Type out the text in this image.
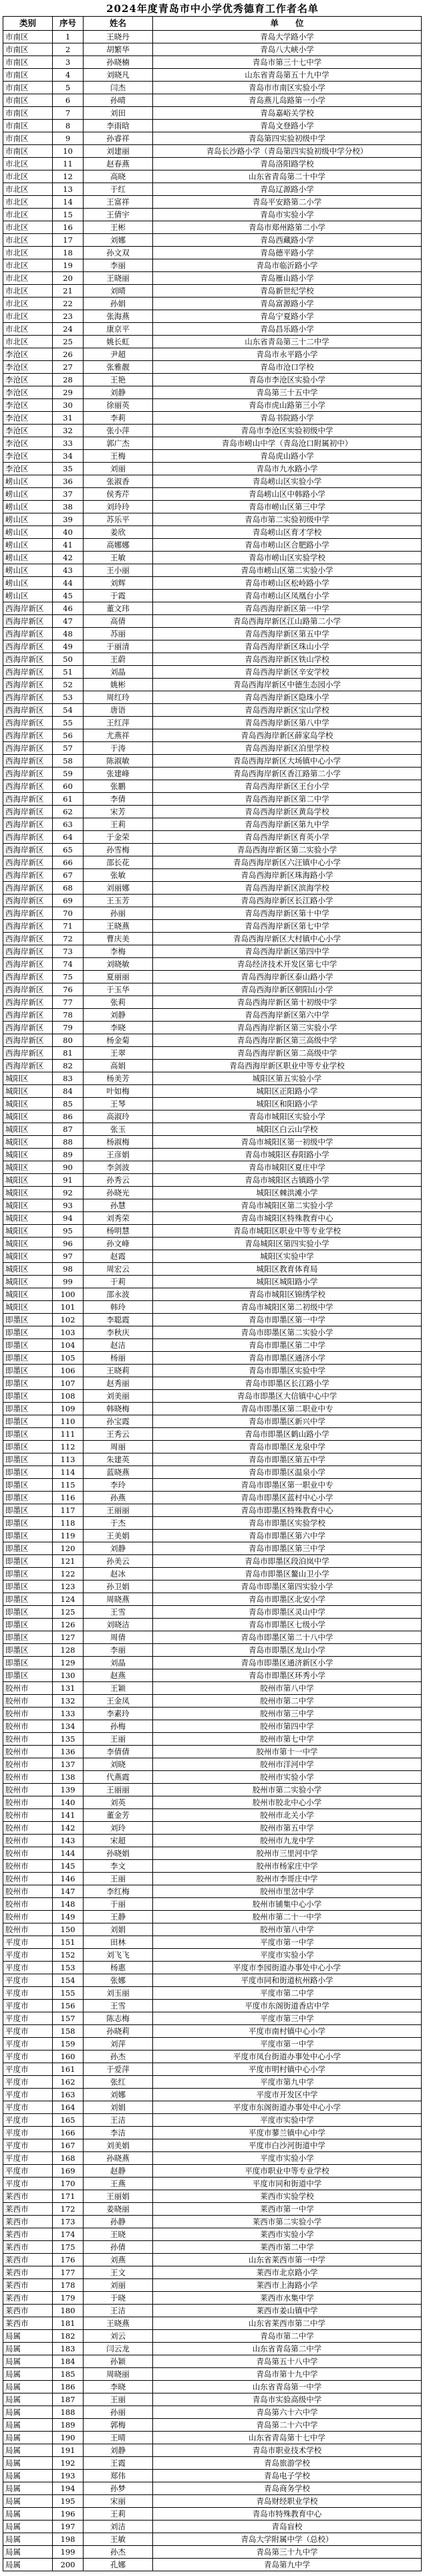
2024年度青岛市中小学优秀德育工作者名单
类别	序号	姓名	单　　位
市南区	1	王晓丹	青岛大学路小学
市南区	2	胡繁华	青岛八大峡小学
市南区	3	孙晓楠	青岛市第三十七中学
市南区	4	刘晓凡	山东省青岛第五十九中学
市南区	5	闫杰	青岛市市南区实验小学
市南区	6	孙晴	青岛燕儿岛路第一小学
市南区	7	刘田	青岛嘉峪关学校
市南区	8	李雨晗	青岛文登路小学
市南区	9	孙睿祥	青岛第四实验初级中学
市南区	10	刘建丽	青岛长沙路小学（青岛第四实验初级中学分校）
市北区	11	赵春燕	青岛洛阳路学校
市北区	12	高晓	山东省青岛第二十中学
市北区	13	于红	青岛辽源路小学
市北区	14	王富祥	青岛平安路第二小学
市北区	15	王倩宇	青岛市实验小学
市北区	16	王彬	青岛市郑州路第二小学
市北区	17	刘娜	青岛西藏路小学
市北区	18	孙文双	青岛德平路小学
市北区	19	李丽	青岛市临沂路小学
市北区	20	王晓丽	青岛雁山路小学
市北区	21	刘晴	青岛新世纪学校
市北区	22	孙娟	青岛富源路小学
市北区	23	张海燕	青岛宁夏路小学
市北区	24	康京平	青岛昌乐路小学
市北区	25	姚长虹	山东省青岛第三十二中学
李沧区	26	尹超	青岛市永平路小学
李沧区	27	张雅靓	青岛市沧口学校
李沧区	28	王艳	青岛市李沧区实验小学
李沧区	29	刘静	青岛第三十五中学
李沧区	30	徐丽英	青岛市虎山路第三小学
李沧区	31	李莉	青岛书院路小学
李沧区	32	张小萍	青岛市李沧区实验初级中学
李沧区	33	郭广杰	青岛市崂山中学（青岛沧口附属初中）
李沧区	34	王梅	青岛虎山路小学
李沧区	35	刘丽	青岛市九水路小学
崂山区	36	张淑香	青岛崂山区实验小学
崂山区	37	侯秀芹	青岛崂山区中韩路小学
崂山区	38	刘玲玲	青岛市崂山区第三中学
崂山区	39	苏乐平	青岛市第二实验初级中学
崂山区	40	姜欣	青岛崂山区育才学校
崂山区	41	高娜娜	青岛市崂山区合肥路小学
崂山区	42	王敏	青岛市崂山区实验学校
崂山区	43	王小丽	青岛市崂山区第二实验小学
崂山区	44	刘辉	青岛市崂山区松岭路小学
崂山区	45	于霞	青岛市崂山区凤凰台小学
西海岸新区	46	董文玮	青岛西海岸新区第一中学
西海岸新区	47	高倩	青岛西海岸新区江山路第二小学
西海岸新区	48	苏丽	青岛西海岸新区第五中学
西海岸新区	49	于丽清	青岛西海岸新区珠山小学
西海岸新区	50	王蔚	青岛西海岸新区铁山学校
西海岸新区	51	刘晶	青岛西海岸新区辛安学校
西海岸新区	52	姚彬	青岛西海岸新区中德生态园小学
西海岸新区	53	周红玲	青岛西海岸新区隐珠小学
西海岸新区	54	唐语	青岛西海岸新区宝山学校
西海岸新区	55	王红萍	青岛西海岸新区第八中学
西海岸新区	56	尤燕祥	青岛西海岸新区薛家岛学校
西海岸新区	57	于涛	青岛西海岸新区泊里学校
西海岸新区	58	陈淑敏	青岛西海岸新区大场镇中心小学
西海岸新区	59	张建峰	青岛西海岸新区香江路第二小学
西海岸新区	60	张鹏	青岛西海岸新区王台小学
西海岸新区	61	李倩	青岛西海岸新区第二中学
西海岸新区	62	宋芳	青岛西海岸新区黄岛学校
西海岸新区	63	王莉	青岛西海岸新区第九中学
西海岸新区	64	于金荣	青岛西海岸新区育英小学
西海岸新区	65	孙雪梅	青岛西海岸新区第二实验小学
西海岸新区	66	邵长花	青岛西海岸新区六汪镇中心小学
西海岸新区	67	张敏	青岛西海岸新区珠海路小学
西海岸新区	68	刘丽娜	青岛西海岸新区滨海学校
西海岸新区	69	王玉芳	青岛西海岸新区长江路小学
西海岸新区	70	孙丽	青岛西海岸新区第十中学
西海岸新区	71	王晓燕	青岛西海岸新区第七中学
西海岸新区	72	曹庆美	青岛西海岸新区大村镇中心小学
西海岸新区	73	李梅	青岛西海岸新区第四中学
西海岸新区	74	刘晓敏	青岛经济技术开发区第七中学
西海岸新区	75	夏丽丽	青岛西海岸新区泰山路小学
西海岸新区	76	于玉华	青岛西海岸新区朝阳山小学
西海岸新区	77	张莉	青岛西海岸新区第十初级中学
西海岸新区	78	刘静	青岛西海岸新区第六中学
西海岸新区	79	李晓	青岛西海岸新区第三实验小学
西海岸新区	80	杨金菊	青岛西海岸新区第三高级中学
西海岸新区	81	王翠	青岛西海岸新区第二高级中学
西海岸新区	82	高娟	青岛西海岸新区职业中等专业学校
城阳区	83	杨美芳	城阳区第五实验小学
城阳区	84	叶如梅	城阳区正阳路小学
城阳区	85	王琴	城阳区和阳路小学
城阳区	86	高淑玲	青岛市城阳区实验小学
城阳区	87	张玉	城阳区白云山学校
城阳区	88	杨淑梅	青岛市城阳区第一初级中学
城阳区	89	王彦娟	青岛市城阳区春阳路小学
城阳区	90	李剑波	青岛市城阳区夏庄中学
城阳区	91	孙秀云	青岛市城阳区古镇路小学
城阳区	92	孙晓光	城阳区棘洪滩小学
城阳区	93	孙慧	青岛市城阳区第二实验小学
城阳区	94	刘秀荣	青岛市城阳区特殊教育中心
城阳区	95	杨明慧	青岛市城阳区职业中等专业学校
城阳区	96	孙文峰	青岛城阳区第四实验小学
城阳区	97	赵霞	城阳区实验中学
城阳区	98	周宏云	城阳区教育体育局
城阳区	99	于莉	城阳区城阳路小学
城阳区	100	邵永波	青岛市城阳区锦绣学校
城阳区	101	韩玲	青岛市城阳区第二初级中学
即墨区	102	李聪霞	青岛市即墨区第一中学
即墨区	103	李秋庆	青岛市即墨区第二实验小学
即墨区	104	赵洁	青岛市即墨区第二中学
即墨区	105	杨丽	青岛市即墨区通济小学
即墨区	106	王晓莉	青岛市即墨区实验中学
即墨区	107	赵秀丽	青岛市即墨区长江路小学
即墨区	108	刘美丽	青岛市即墨区大信镇中心中学
即墨区	109	韩晓梅	青岛市即墨区第二职业中专
即墨区	110	孙宝霞	青岛市即墨区新兴中学
即墨区	111	王秀云	青岛市即墨区鹤山路小学
即墨区	112	周丽	青岛市即墨区龙泉中学
即墨区	113	朱建英	青岛市即墨区第五中学
即墨区	114	蓝晓燕	青岛市即墨区温泉小学
即墨区	115	李玲	青岛市即墨区第一职业中专
即墨区	116	孙燕	青岛市即墨区蓝村中心小学
即墨区	117	王丽丽	青岛市即墨区特殊教育中心
即墨区	118	于杰	青岛市即墨区实验学校
即墨区	119	王美娟	青岛市即墨区第六中学
即墨区	120	刘静	青岛市即墨区第三中学
即墨区	121	孙美云	青岛市即墨区段泊岚中学
即墨区	122	赵冰	青岛市即墨区鳌山卫小学
即墨区	123	孙卫娟	青岛市即墨区第四实验小学
即墨区	124	周晓燕	青岛市即墨区北安小学
即墨区	125	王雪	青岛市即墨区灵山中学
即墨区	126	刘晓洁	青岛市即墨区七级小学
即墨区	127	周倩	青岛市即墨区第二十八中学
即墨区	128	李丽	青岛市即墨区龙山小学
即墨区	129	刘晶	青岛市即墨区通济新区小学
即墨区	130	赵燕	青岛市即墨区环秀小学
胶州市	131	王颖	胶州市第八中学
胶州市	132	王金凤	胶州市第二中学
胶州市	133	李素玲	胶州市第三中学
胶州市	134	孙梅	胶州市第四中学
胶州市	135	王丽	胶州市第七中学
胶州市	136	李倩倩	胶州市第十一中学
胶州市	137	刘晓	胶州市洋河中学
胶州市	138	代燕霞	胶州市实验小学
胶州市	139	王丽丽	胶州市第二实验小学
胶州市	140	刘英	胶州市胶北中心小学
胶州市	141	董金芳	胶州市北关小学
胶州市	142	刘玲	胶州市第五中学
胶州市	143	宋超	胶州市九龙中学
胶州市	144	孙晓娟	胶州市三里河中学
胶州市	145	李文	胶州市杨家庄中学
胶州市	146	王丽	胶州市李哥庄中学
胶州市	147	李红梅	胶州市里岔中学
胶州市	148	于丽	胶州市铺集中心小学
胶州市	149	王静	胶州市第二十一中学
胶州市	150	刘娟	胶州市第八中学
平度市	151	田林	平度市第一中学
平度市	152	刘飞飞	平度市实验小学
平度市	153	杨惠	平度市李园街道办事处中心小学
平度市	154	张娜	平度市同和街道杭州路小学
平度市	155	刘玉丽	平度市第二中学
平度市	156	王雪	平度市东阁街道香店中学
平度市	157	陈志梅	平度市第三中学
平度市	158	孙晓莉	平度市南村镇中心小学
平度市	159	刘萍	平度市第一中学
平度市	160	孙杰	平度市凤台街道办事处中心小学
平度市	161	于爱萍	平度市明村镇中心小学
平度市	162	张红	平度市第九中学
平度市	163	刘娜	平度市开发区中学
平度市	164	刘娟	平度市东阁街道办事处中心小学
平度市	165	王洁	平度市实验中学
平度市	166	李洁	平度市蓼兰镇中心中学
平度市	167	刘美娟	平度市白沙河街道中学
平度市	168	孙晓燕	平度市实验小学
平度市	169	赵静	平度市职业中等专业学校
平度市	170	王燕	平度市同和街道中学
莱西市	171	王丽娟	莱西市实验学校
莱西市	172	姜晓丽	莱西市第一中学
莱西市	173	孙静	莱西市第二实验小学
莱西市	174	王晓	莱西市实验小学
莱西市	175	孙倩	莱西市第二中学
莱西市	176	刘燕	山东省莱西市第一中学
莱西市	177	王文	莱西市北京路小学
莱西市	178	刘丽	莱西市上海路小学
莱西市	179	于晓	莱西市水集中学
莱西市	180	王洁	莱西市姜山镇中学
莱西市	181	王晓燕	山东省莱西市第二中学
局属	182	刘云	青岛市第二中学
局属	183	闫云龙	山东省青岛第二中学
局属	184	孙颖	青岛第五十八中学
局属	185	周晓丽	青岛市第十九中学
局属	186	李晓	山东省青岛第一中学
局属	187	王丽	青岛市实验高级中学
局属	188	孙丽	青岛第六十六中学
局属	189	郭梅	青岛第二十六中学
局属	190	王晴	山东省青岛第十七中学
局属	191	刘静	青岛市职业技术学校
局属	192	王霞	青岛旅游学校
局属	193	郑伟	青岛电子学校
局属	194	孙梦	青岛商务学校
局属	195	宋丽	青岛财经职业学校
局属	196	王莉	青岛市特殊教育中心
局属	197	刘洁	青岛盲校
局属	198	王敏	青岛大学附属中学（总校）
局属	199	孙杰	青岛第三十九中学
局属	200	孔娜	青岛第九中学
